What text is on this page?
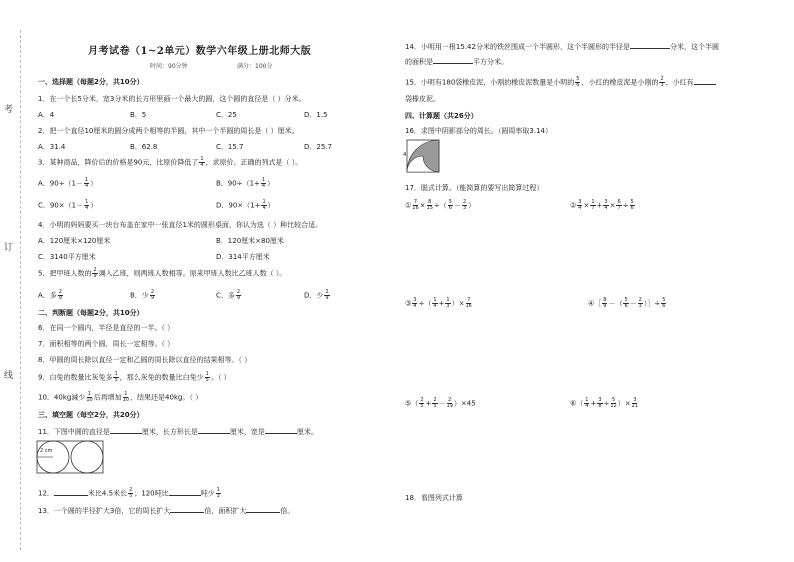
考
订
线
月考试卷（1~2单元）数学六年级上册北师大版
时间：90分钟	满分：100分
一、选择题（每题2分，共10分）
1．在一个长5分米，宽3分米的长方形里画一个最大的圆，这个圆的直径是（ ）分米。
A．4	B．5	C．25	D．1.5
2．把一个直径10厘米的圆分成两个相等的半圆，其中一个半圆的周长是（ ）厘米。
A．31.4	B．62.8	C．15.7	D．25.7
3．某种商品，降价后的价格是90元，比原价降低了 $\frac{1}{4}$ ，求原价。正确的列式是（ ）。
A．$90\div(1- \frac{1}{4}$ ）	B．$90\div(1+ \frac{1}{4}$ ）
C．$90\times(1- \frac{1}{4}$ ）	D．$90\times(1+ \frac{1}{4}$ ）
4．小明的妈妈要买一块台布盖在家中一张直径1米的圆形桌面，你认为选（ ）种比较合适。
A．120厘米×120厘米	B．120厘米×80厘米
C．3140平方厘米	D．314平方厘米
5．把甲班人数的 $\frac{2}{9}$ 调入乙班，则两班人数相等。原来甲班人数比乙班人数（ ）。
A．多 $\frac{2}{9}$	B．少 $\frac{2}{9}$	C．多 $\frac{2}{9}$	D．少 $\frac{2}{9}$
二、判断题（每题2分，共10分）
6．在同一个圆内，半径是直径的一半。（ ）
7．面积相等的两个圆，周长一定相等。（ ）
8．甲圆的周长除以直径一定和乙圆的周长除以直径的结果相等。（ ）
9．白兔的数量比灰兔多 $\frac{1}{5}$ ，那么灰兔的数量比白兔少 $\frac{1}{5}$ 。（ ）
10．40kg减少 $\frac{1}{10}$ 后再增加 $\frac{1}{10}$ ，结果还是40kg。（ ）
三、填空题（每空2分，共20分）
11．下图中圆的直径是	厘米，长方形长是	厘米，宽是	厘米。
2 cm
12．	米比4.5米长 $\frac{2}{5}$ ；120吨比	吨少 $\frac{1}{3}$
13．一个圆的半径扩大3倍，它的周长扩大	倍，面积扩大	倍。
14．小明用一根15.42分米的铁丝围成一个半圆形，这个半圆形的半径是	分米，这个半圆
的面积是	平方分米。
15．小明有180袋橡皮泥，小刚的橡皮泥数量是小明的 $\frac{5}{6}$ ，小红的橡皮泥是小刚的 $\frac{2}{3}$ ，小红有
袋橡皮泥。
四、计算题（共26分）
16．求图中阴影部分的周长。（圆周率取3.14）
4
17．脱式计算。（能简算的要写出简算过程）
① $\frac{7}{16} \times \frac{8}{15}$ ÷（ $\frac{5}{6} - \frac{2}{3}$ ）	② $\frac{3}{4} \times \frac{1}{7} + \frac{3}{4} \times \frac{6}{7} \div \frac{5}{6}$
③ $\frac{3}{4}$ ÷（ $\frac{1}{4} + \frac{1}{3}$ ）× $\frac{7}{16}$	④［ $\frac{8}{9}$ －（ $\frac{5}{6} - \frac{2}{3}$ ）］÷ $\frac{5}{6}$
⑤（ $\frac{2}{5} + \frac{2}{5} - \frac{2}{19} )\times 45$	⑥（ $\frac{1}{4} + \frac{3}{8} \div \frac{5}{12}$ ）× $\frac{3}{21}$
18．看图列式计算
